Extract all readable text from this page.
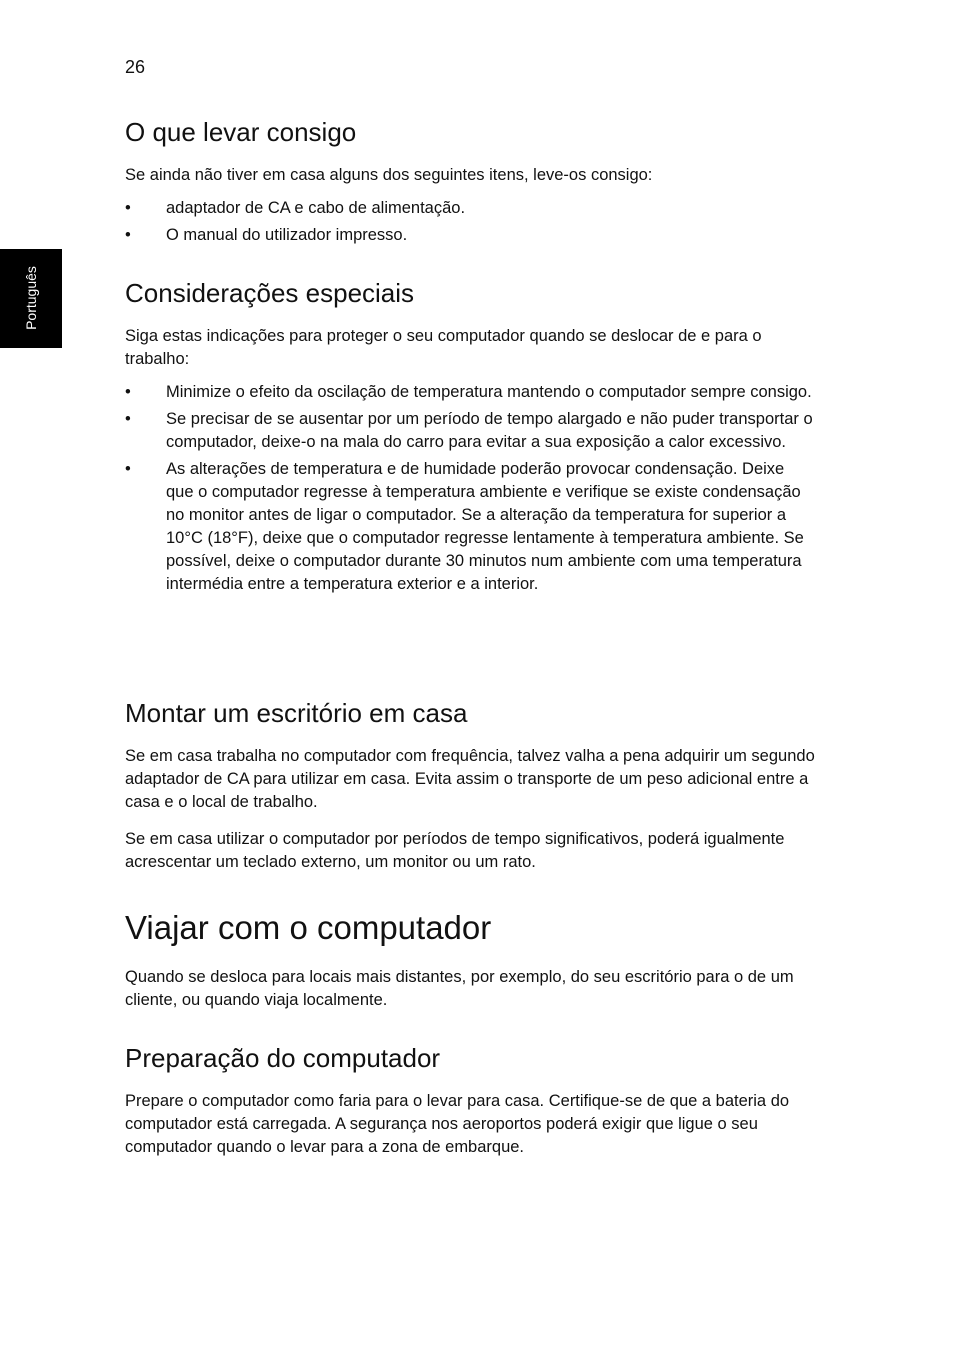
Português
26
O que levar consigo

Se ainda não tiver em casa alguns dos seguintes itens, leve-os consigo:

• adaptador de CA e cabo de alimentação.
• O manual do utilizador impresso.
Considerações especiais

Siga estas indicações para proteger o seu computador quando se deslocar de e para o trabalho:

• Minimize o efeito da oscilação de temperatura mantendo o computador sempre consigo.
• Se precisar de se ausentar por um período de tempo alargado e não puder transportar o computador, deixe-o na mala do carro para evitar a sua exposição a calor excessivo.
• As alterações de temperatura e de humidade poderão provocar condensação. Deixe que o computador regresse à temperatura ambiente e verifique se existe condensação no monitor antes de ligar o computador. Se a alteração da temperatura for superior a 10°C (18°F), deixe que o computador regresse lentamente à temperatura ambiente. Se possível, deixe o computador durante 30 minutos num ambiente com uma temperatura intermédia entre a temperatura exterior e a interior.
Montar um escritório em casa

Se em casa trabalha no computador com frequência, talvez valha a pena adquirir um segundo adaptador de CA para utilizar em casa. Evita assim o transporte de um peso adicional entre a casa e o local de trabalho.

Se em casa utilizar o computador por períodos de tempo significativos, poderá igualmente acrescentar um teclado externo, um monitor ou um rato.

Viajar com o computador

Quando se desloca para locais mais distantes, por exemplo, do seu escritório para o de um cliente, ou quando viaja localmente.

Preparação do computador

Prepare o computador como faria para o levar para casa. Certifique-se de que a bateria do computador está carregada. A segurança nos aeroportos poderá exigir que ligue o seu computador quando o levar para a zona de embarque.
